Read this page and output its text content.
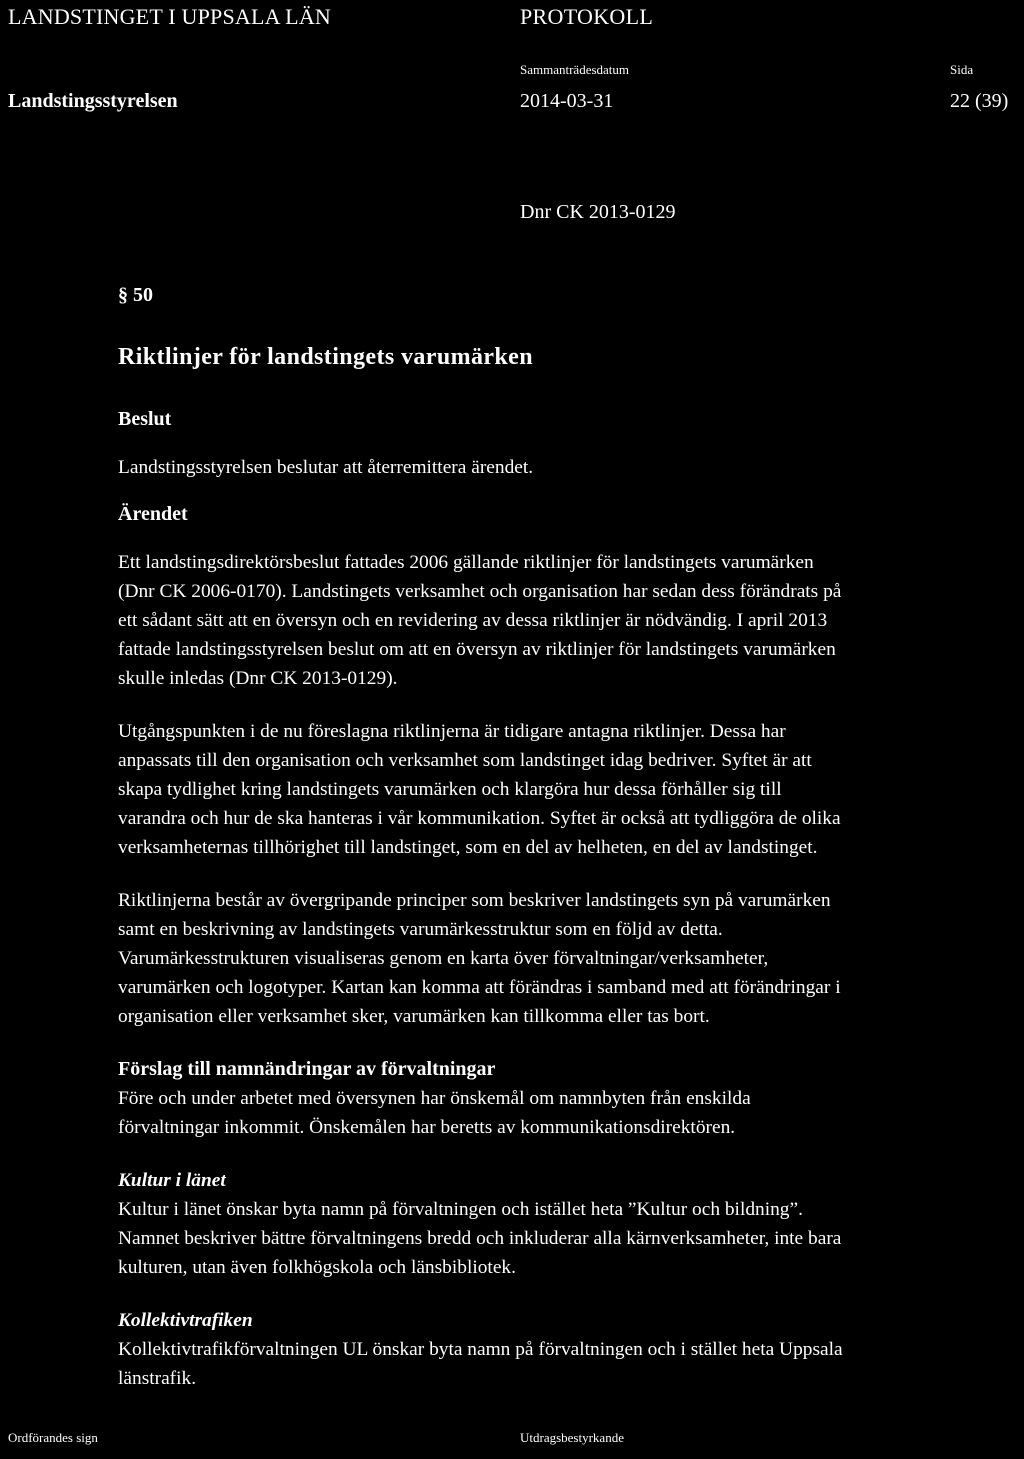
LANDSTINGET I UPPSALA LÄN	PROTOKOLL
Sammanträdesdatum	Sida
Landstingsstyrelsen	2014-03-31	22 (39)
Dnr CK 2013-0129
§ 50
Riktlinjer för landstingets varumärken

Beslut

Landstingsstyrelsen beslutar att återremittera ärendet.

Ärendet

Ett landstingsdirektörsbeslut fattades 2006 gällande riktlinjer för landstingets varumärken

(Dnr CK 2006-0170). Landstingets verksamhet och organisation har sedan dess förändrats på

ett sådant sätt att en översyn och en revidering av dessa riktlinjer är nödvändig. I april 2013

fattade landstingsstyrelsen beslut om att en översyn av riktlinjer för landstingets varumärken

skulle inledas (Dnr CK 2013-0129).

Utgångspunkten i de nu föreslagna riktlinjerna är tidigare antagna riktlinjer. Dessa har

anpassats till den organisation och verksamhet som landstinget idag bedriver. Syftet är att

skapa tydlighet kring landstingets varumärken och klargöra hur dessa förhåller sig till

varandra och hur de ska hanteras i vår kommunikation. Syftet är också att tydliggöra de olika

verksamheternas tillhörighet till landstinget, som en del av helheten, en del av landstinget.

Riktlinjerna består av övergripande principer som beskriver landstingets syn på varumärken

samt en beskrivning av landstingets varumärkesstruktur som en följd av detta.

Varumärkesstrukturen visualiseras genom en karta över förvaltningar/verksamheter,

varumärken och logotyper. Kartan kan komma att förändras i samband med att förändringar i

organisation eller verksamhet sker, varumärken kan tillkomma eller tas bort.

Förslag till namnändringar av förvaltningar

Före och under arbetet med översynen har önskemål om namnbyten från enskilda

förvaltningar inkommit. Önskemålen har beretts av kommunikationsdirektören.

Kultur i länet

Kultur i länet önskar byta namn på förvaltningen och istället heta ”Kultur och bildning”.

Namnet beskriver bättre förvaltningens bredd och inkluderar alla kärnverksamheter, inte bara

kulturen, utan även folkhögskola och länsbibliotek.

Kollektivtrafiken

Kollektivtrafikförvaltningen UL önskar byta namn på förvaltningen och i stället heta Uppsala

länstrafik.

Ordförandes sign	Utdragsbestyrkande
